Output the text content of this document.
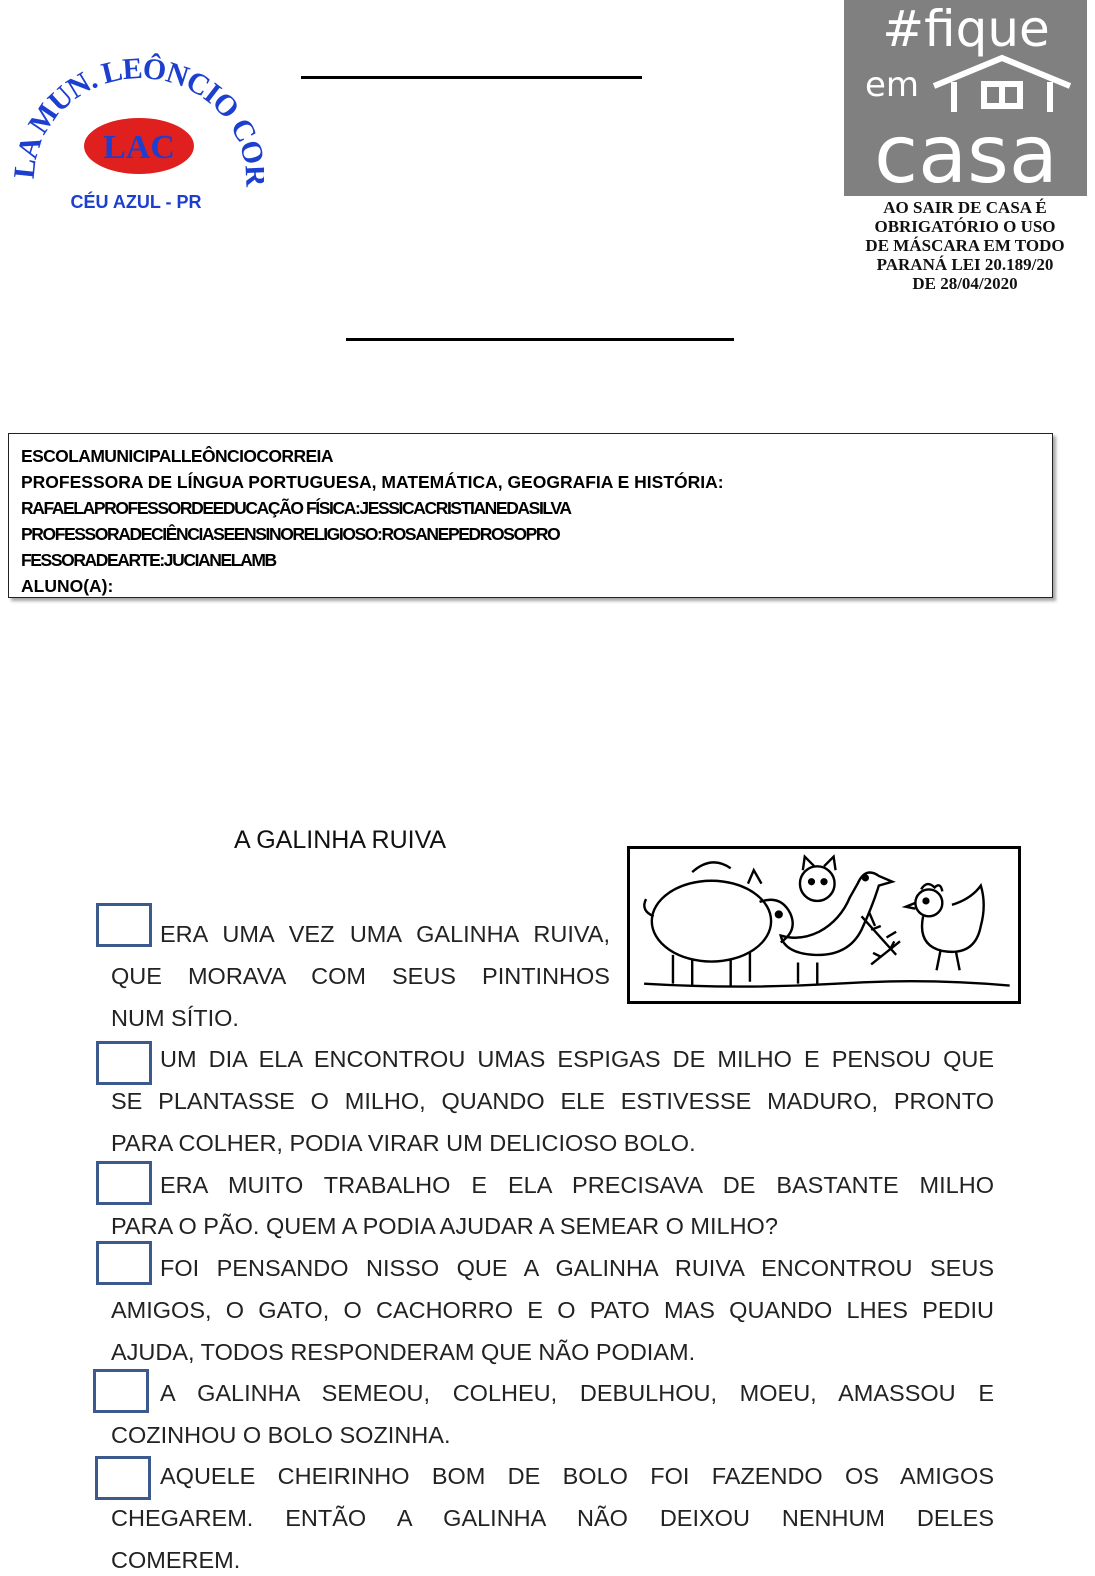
A MUN. LEÔNCIO C
LAC
CÉU AZUL - PR
#fique
em
casa
AO SAIR DE CASA É
OBRIGATÓRIO O USO
DE MÁSCARA EM TODO
PARANÁ LEI 20.189/20
DE 28/04/2020
ESCOLAMUNICIPALLEÔNCIOCORREIA
PROFESSORA DE LÍNGUA PORTUGUESA, MATEMÁTICA, GEOGRAFIA E HISTÓRIA:
RAFAELAPROFESSORDEEDUCAÇÃO FÍSICA:JESSICACRISTIANEDASILVA
PROFESSORADECIÊNCIASEENSINORELIGIOSO:ROSANEPEDROSOPRO
FESSORADEARTE:JUCIANELAMB
ALUNO(A):
A GALINHA RUIVA
ERA UMA VEZ UMA GALINHA RUIVA,
QUE MORAVA COM SEUS PINTINHOS
NUM SÍTIO.
UM DIA ELA ENCONTROU UMAS ESPIGAS DE MILHO E PENSOU QUE
SE PLANTASSE O MILHO, QUANDO ELE ESTIVESSE MADURO, PRONTO
PARA COLHER, PODIA VIRAR UM DELICIOSO BOLO.
ERA MUITO TRABALHO E ELA PRECISAVA DE BASTANTE MILHO
PARA O PÃO. QUEM A PODIA AJUDAR A SEMEAR O MILHO?
FOI PENSANDO NISSO QUE A GALINHA RUIVA ENCONTROU SEUS
AMIGOS, O GATO, O CACHORRO E O PATO MAS QUANDO LHES PEDIU
AJUDA, TODOS RESPONDERAM QUE NÃO PODIAM.
A GALINHA SEMEOU, COLHEU, DEBULHOU, MOEU, AMASSOU E
COZINHOU O BOLO SOZINHA.
AQUELE CHEIRINHO BOM DE BOLO FOI FAZENDO OS AMIGOS
CHEGAREM. ENTÃO A GALINHA NÃO DEIXOU NENHUM DELES
COMEREM.
